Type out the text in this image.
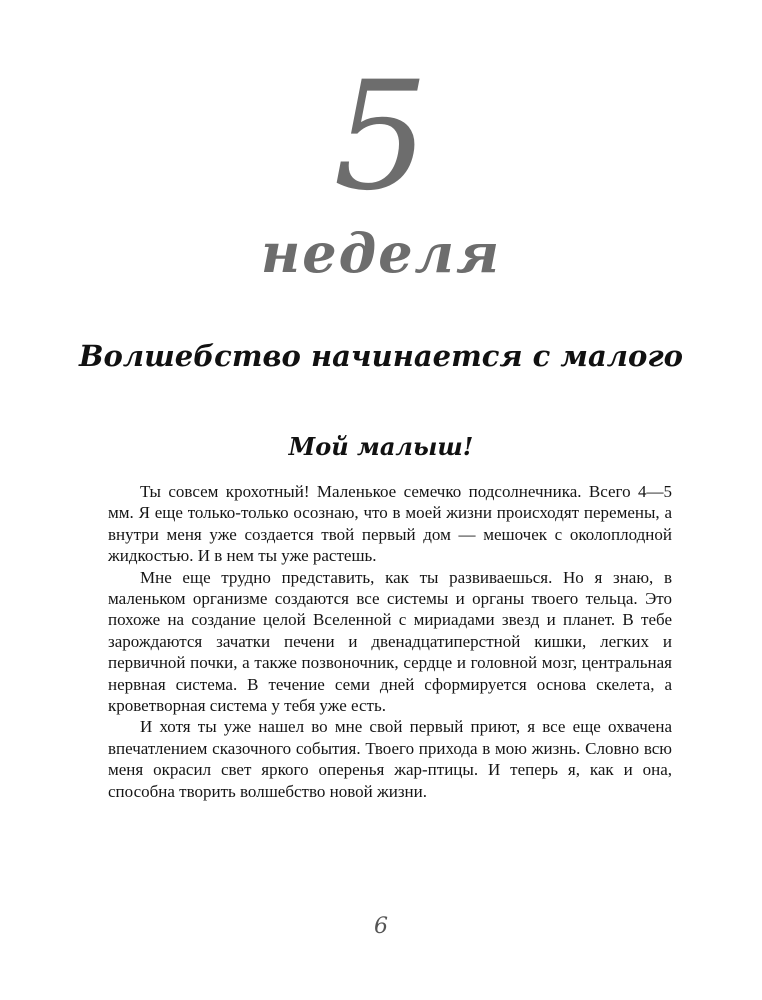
5
неделя
Волшебство начинается с малого
Мой малыш!

Ты совсем крохотный! Маленькое семечко подсолнечника. Всего 4—5 мм. Я еще только-только осознаю, что в моей жизни происходят перемены, а внутри меня уже создается твой первый дом — мешочек с околоплодной жидкостью. И в нем ты уже растешь.

Мне еще трудно представить, как ты развиваешься. Но я знаю, в маленьком организме создаются все системы и органы твоего тельца. Это похоже на создание целой Вселенной с мириадами звезд и планет. В тебе зарождаются зачатки печени и двенадцатиперстной кишки, легких и первичной почки, а также позвоночник, сердце и головной мозг, центральная нервная система. В течение семи дней сформируется основа скелета, а кроветворная система у тебя уже есть.

И хотя ты уже нашел во мне свой первый приют, я все еще охвачена впечатлением сказочного события. Твоего прихода в мою жизнь. Словно всю меня окрасил свет яркого оперенья жар-птицы. И теперь я, как и она, способна творить волшебство новой жизни.

6
